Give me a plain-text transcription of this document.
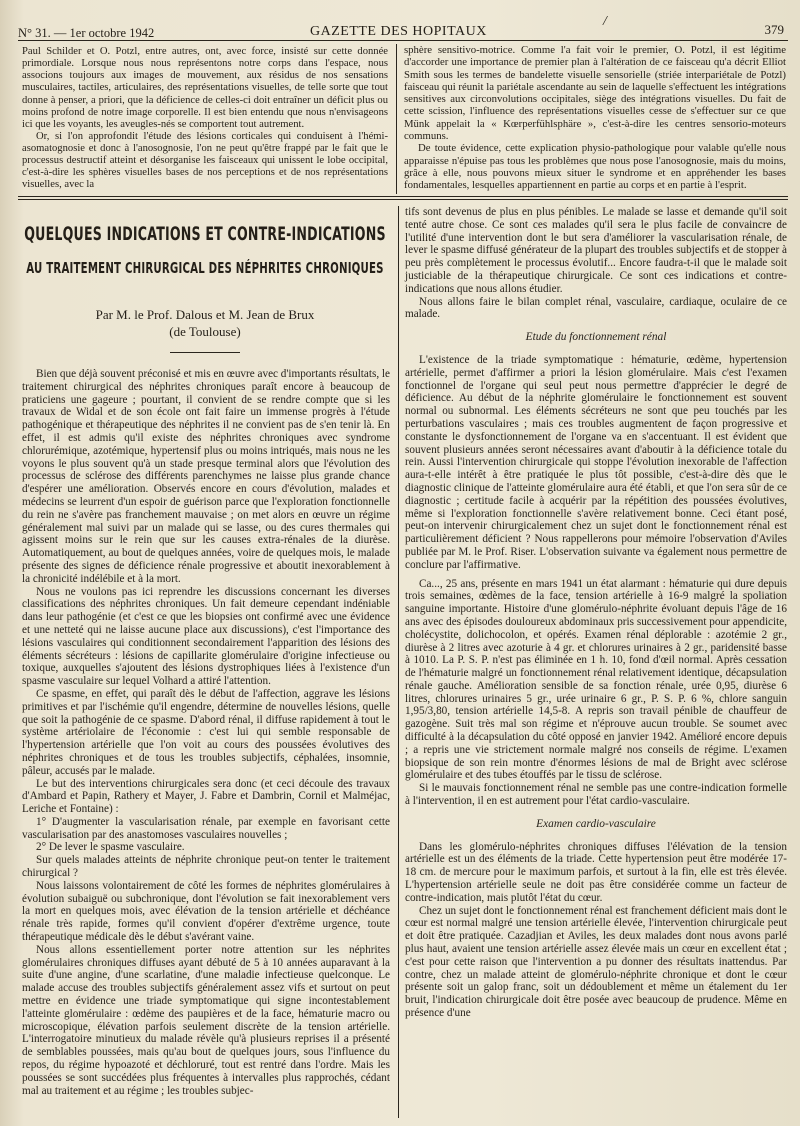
N° 31. — 1er octobre 1942	GAZETTE DES HOPITAUX
/
379

Paul Schilder et O. Potzl, entre autres, ont, avec force, insisté sur cette donnée primordiale. Lorsque nous nous représentons notre corps dans l'espace, nous associons toujours aux images de mouvement, aux résidus de nos sensations musculaires, tactiles, articulaires, des représentations visuelles, de telle sorte que tout donne à penser, a priori, que la déficience de celles-ci doit entraîner un déficit plus ou moins profond de notre image corporelle. Il est bien entendu que nous n'envisageons ici que les voyants, les aveugles-nés se comportent tout autrement.

Or, si l'on approfondit l'étude des lésions corticales qui conduisent à l'hémi-asomatognosie et donc à l'anosognosie, l'on ne peut qu'être frappé par le fait que le processus destructif atteint et désorganise les faisceaux qui unissent le lobe occipital, c'est-à-dire les sphères visuelles bases de nos perceptions et de nos représentations visuelles, avec la

sphère sensitivo-motrice. Comme l'a fait voir le premier, O. Potzl, il est légitime d'accorder une importance de premier plan à l'altération de ce faisceau qu'a décrit Elliot Smith sous les termes de bandelette visuelle sensorielle (striée interpariétale de Potzl) faisceau qui réunit la pariétale ascendante au sein de laquelle s'effectuent les intégrations sensitives aux circonvolutions occipitales, siège des intégrations visuelles. Du fait de cette scission, l'influence des représentations visuelles cesse de s'effectuer sur ce que Münk appelait la « Kœrperfühlsphäre », c'est-à-dire les centres sensorio-moteurs communs.

De toute évidence, cette explication physio-pathologique pour valable qu'elle nous apparaisse n'épuise pas tous les problèmes que nous pose l'anosognosie, mais du moins, grâce à elle, nous pouvons mieux situer le syndrome et en appréhender les bases fondamentales, lesquelles appartiennent en partie au corps et en partie à l'esprit.

QUELQUES INDICATIONS ET CONTRE-INDICATIONS
AU TRAITEMENT CHIRURGICAL DES NÉPHRITES CHRONIQUES
Par M. le Prof. Dalous et M. Jean de Brux
(de Toulouse)

Bien que déjà souvent préconisé et mis en œuvre avec d'importants résultats, le traitement chirurgical des néphrites chroniques paraît encore à beaucoup de praticiens une gageure ; pourtant, il convient de se rendre compte que si les travaux de Widal et de son école ont fait faire un immense progrès à l'étude pathogénique et thérapeutique des néphrites il ne convient pas de s'en tenir là. En effet, il est admis qu'il existe des néphrites chroniques avec syndrome chlorurémique, azotémique, hypertensif plus ou moins intriqués, mais nous ne les voyons le plus souvent qu'à un stade presque terminal alors que l'évolution des processus de sclérose des différents parenchymes ne laisse plus grande chance d'espérer une amélioration. Observés encore en cours d'évolution, malades et médecins se leurrent d'un espoir de guérison parce que l'exploration fonctionnelle du rein ne s'avère pas franchement mauvaise ; on met alors en œuvre un régime généralement mal suivi par un malade qui se lasse, ou des cures thermales qui agissent moins sur le rein que sur les causes extra-rénales de la diurèse. Automatiquement, au bout de quelques années, voire de quelques mois, le malade présente des signes de déficience rénale progressive et aboutit inexorablement à la chronicité indélébile et à la mort.

Nous ne voulons pas ici reprendre les discussions concernant les diverses classifications des néphrites chroniques. Un fait demeure cependant indéniable dans leur pathogénie (et c'est ce que les biopsies ont confirmé avec une évidence et une netteté qui ne laisse aucune place aux discussions), c'est l'importance des lésions vasculaires qui conditionnent secondairement l'apparition des lésions des éléments sécréteurs : lésions de capillarite glomérulaire d'origine infectieuse ou toxique, auxquelles s'ajoutent des lésions dystrophiques liées à l'existence d'un spasme vasculaire sur lequel Volhard a attiré l'attention.

Ce spasme, en effet, qui paraît dès le début de l'affection, aggrave les lésions primitives et par l'ischémie qu'il engendre, détermine de nouvelles lésions, quelle que soit la pathogénie de ce spasme. D'abord rénal, il diffuse rapidement à tout le système artériolaire de l'économie : c'est lui qui semble responsable de l'hypertension artérielle que l'on voit au cours des poussées évolutives des néphrites chroniques et de tous les troubles subjectifs, céphalées, insomnie, pâleur, accusés par le malade.

Le but des interventions chirurgicales sera donc (et ceci découle des travaux d'Ambard et Papin, Rathery et Mayer, J. Fabre et Dambrin, Cornil et Malméjac, Leriche et Fontaine) :

1° D'augmenter la vascularisation rénale, par exemple en favorisant cette vascularisation par des anastomoses vasculaires nouvelles ;

2° De lever le spasme vasculaire.

Sur quels malades atteints de néphrite chronique peut-on tenter le traitement chirurgical ?

Nous laissons volontairement de côté les formes de néphrites glomérulaires à évolution subaiguë ou subchronique, dont l'évolution se fait inexorablement vers la mort en quelques mois, avec élévation de la tension artérielle et déchéance rénale très rapide, formes qu'il convient d'opérer d'extrême urgence, toute thérapeutique médicale dès le début s'avérant vaine.

Nous allons essentiellement porter notre attention sur les néphrites glomérulaires chroniques diffuses ayant débuté de 5 à 10 années auparavant à la suite d'une angine, d'une scarlatine, d'une maladie infectieuse quelconque. Le malade accuse des troubles subjectifs généralement assez vifs et surtout on peut mettre en évidence une triade symptomatique qui signe incontestablement l'atteinte glomérulaire : œdème des paupières et de la face, hématurie macro ou microscopique, élévation parfois seulement discrète de la tension artérielle. L'interrogatoire minutieux du malade révèle qu'à plusieurs reprises il a présenté de semblables poussées, mais qu'au bout de quelques jours, sous l'influence du repos, du régime hypoazoté et déchloruré, tout est rentré dans l'ordre. Mais les poussées se sont succédées plus fréquentes à intervalles plus rapprochés, cédant mal au traitement et au régime ; les troubles subjec-

tifs sont devenus de plus en plus pénibles. Le malade se lasse et demande qu'il soit tenté autre chose. Ce sont ces malades qu'il sera le plus facile de convaincre de l'utilité d'une intervention dont le but sera d'améliorer la vascularisation rénale, de lever le spasme diffusé générateur de la plupart des troubles subjectifs et de stopper à peu près complètement le processus évolutif... Encore faudra-t-il que le malade soit justiciable de la thérapeutique chirurgicale. Ce sont ces indications et contre-indications que nous allons étudier.

Nous allons faire le bilan complet rénal, vasculaire, cardiaque, oculaire de ce malade.

Etude du fonctionnement rénal

L'existence de la triade symptomatique : hématurie, œdème, hypertension artérielle, permet d'affirmer a priori la lésion glomérulaire. Mais c'est l'examen fonctionnel de l'organe qui seul peut nous permettre d'apprécier le degré de déficience. Au début de la néphrite glomérulaire le fonctionnement est souvent normal ou subnormal. Les éléments sécréteurs ne sont que peu touchés par les perturbations vasculaires ; mais ces troubles augmentent de façon progressive et constante le dysfonctionnement de l'organe va en s'accentuant. Il est évident que souvent plusieurs années seront nécessaires avant d'aboutir à la déficience totale du rein. Aussi l'intervention chirurgicale qui stoppe l'évolution inexorable de l'affection aura-t-elle intérêt à être pratiquée le plus tôt possible, c'est-à-dire dès que le diagnostic clinique de l'atteinte glomérulaire aura été établi, et que l'on sera sûr de ce diagnostic ; certitude facile à acquérir par la répétition des poussées évolutives, même si l'exploration fonctionnelle s'avère relativement bonne. Ceci étant posé, peut-on intervenir chirurgicalement chez un sujet dont le fonctionnement rénal est particulièrement déficient ? Nous rappellerons pour mémoire l'observation d'Aviles publiée par M. le Prof. Riser. L'observation suivante va également nous permettre de conclure par l'affirmative.

Ca..., 25 ans, présente en mars 1941 un état alarmant : hématurie qui dure depuis trois semaines, œdèmes de la face, tension artérielle à 16-9 malgré la spoliation sanguine importante. Histoire d'une glomérulo-néphrite évoluant depuis l'âge de 16 ans avec des épisodes douloureux abdominaux pris successivement pour appendicite, cholécystite, dolichocolon, et opérés. Examen rénal déplorable : azotémie 2 gr., diurèse à 2 litres avec azoturie à 4 gr. et chlorures urinaires à 2 gr., paridensité basse à 1010. La P. S. P. n'est pas éliminée en 1 h. 10, fond d'œil normal. Après cessation de l'hématurie malgré un fonctionnement rénal relativement identique, décapsulation rénale gauche. Amélioration sensible de sa fonction rénale, urée 0,95, diurèse 6 litres, chlorures urinaires 5 gr., urée urinaire 6 gr., P. S. P. 6 %, chlore sanguin 1,95/3,80, tension artérielle 14,5-8. A repris son travail pénible de chauffeur de gazogène. Suit très mal son régime et n'éprouve aucun trouble. Se soumet avec difficulté à la décapsulation du côté opposé en janvier 1942. Amélioré encore depuis ; a repris une vie strictement normale malgré nos conseils de régime. L'examen biopsique de son rein montre d'énormes lésions de mal de Bright avec sclérose glomérulaire et des tubes étouffés par le tissu de sclérose.

Si le mauvais fonctionnement rénal ne semble pas une contre-indication formelle à l'intervention, il en est autrement pour l'état cardio-vasculaire.

Examen cardio-vasculaire

Dans les glomérulo-néphrites chroniques diffuses l'élévation de la tension artérielle est un des éléments de la triade. Cette hypertension peut être modérée 17-18 cm. de mercure pour le maximum parfois, et surtout à la fin, elle est très élevée. L'hypertension artérielle seule ne doit pas être considérée comme un facteur de contre-indication, mais plutôt l'état du cœur.

Chez un sujet dont le fonctionnement rénal est franchement déficient mais dont le cœur est normal malgré une tension artérielle élevée, l'intervention chirurgicale peut et doit être pratiquée. Cazadjian et Aviles, les deux malades dont nous avons parlé plus haut, avaient une tension artérielle assez élevée mais un cœur en excellent état ; c'est pour cette raison que l'intervention a pu donner des résultats inattendus. Par contre, chez un malade atteint de glomérulo-néphrite chronique et dont le cœur présente soit un galop franc, soit un dédoublement et même un étalement du 1er bruit, l'indication chirurgicale doit être posée avec beaucoup de prudence. Même en présence d'une
